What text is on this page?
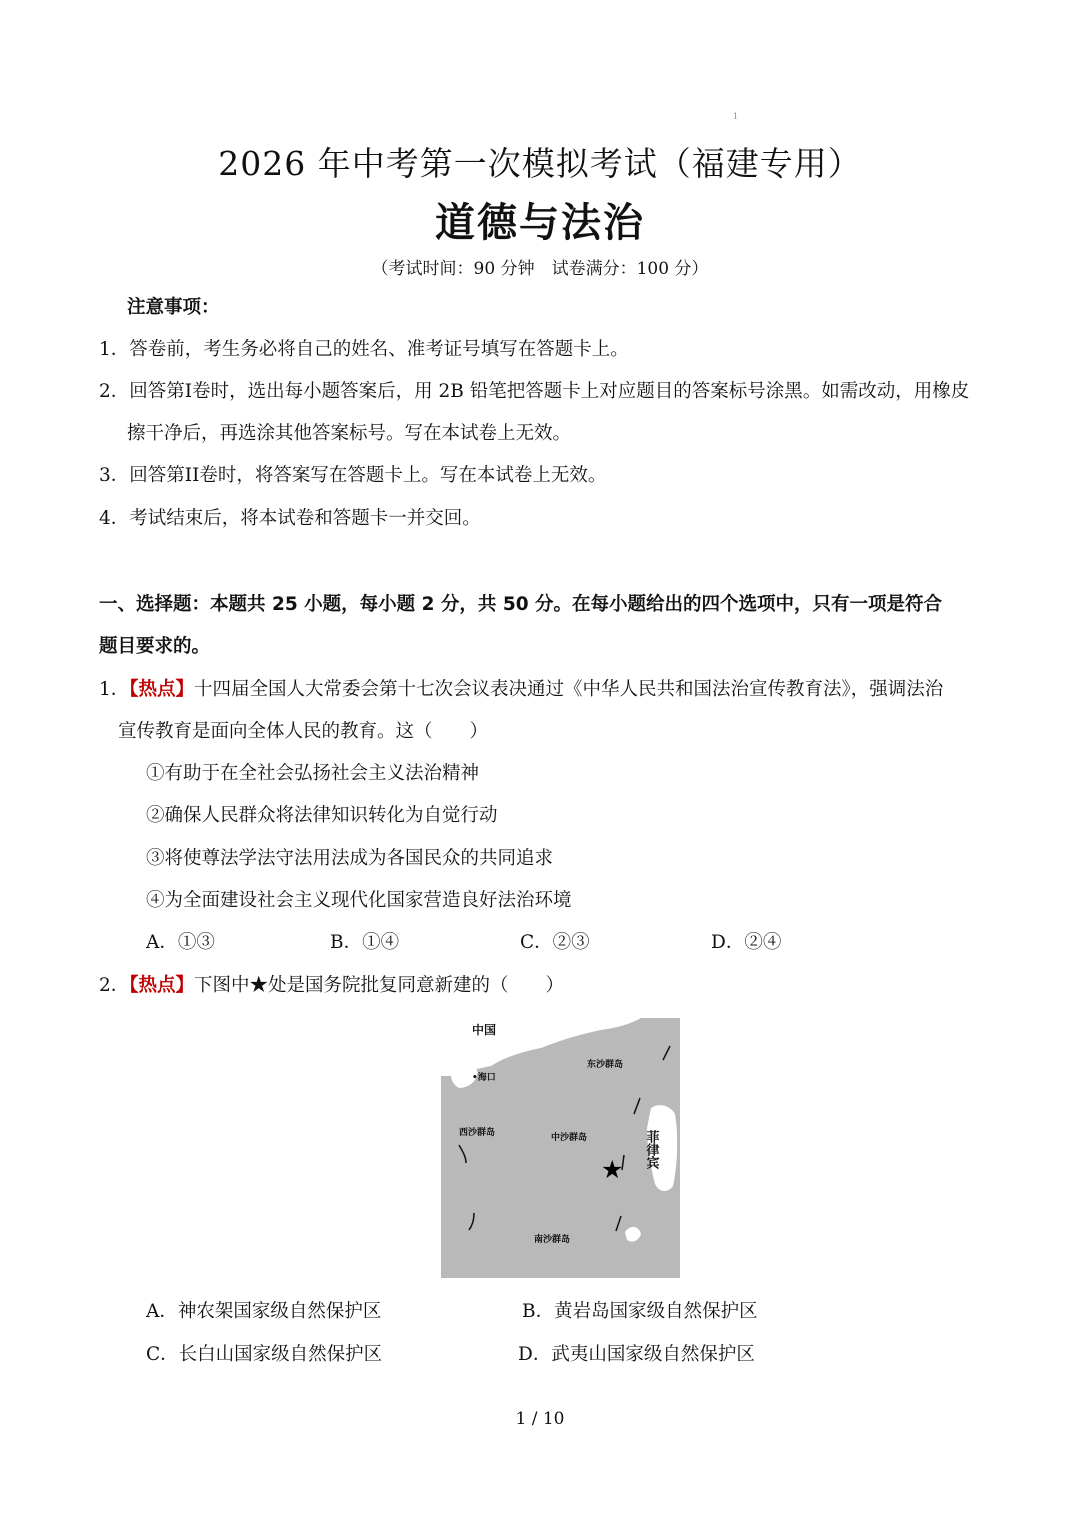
1
2026 年中考第一次模拟考试（福建专用）
道德与法治
（考试时间：90 分钟　试卷满分：100 分）
注意事项：
1．答卷前，考生务必将自己的姓名、准考证号填写在答题卡上。
2．回答第I卷时，选出每小题答案后，用 2B 铅笔把答题卡上对应题目的答案标号涂黑。如需改动，用橡皮
擦干净后，再选涂其他答案标号。写在本试卷上无效。
3．回答第II卷时，将答案写在答题卡上。写在本试卷上无效。
4．考试结束后，将本试卷和答题卡一并交回。
一、选择题：本题共 25 小题，每小题 2 分，共 50 分。在每小题给出的四个选项中，只有一项是符合
题目要求的。
1．【热点】十四届全国人大常委会第十七次会议表决通过《中华人民共和国法治宣传教育法》，强调法治
宣传教育是面向全体人民的教育。这（　　）
①有助于在全社会弘扬社会主义法治精神
②确保人民群众将法律知识转化为自觉行动
③将使尊法学法守法用法成为各国民众的共同追求
④为全面建设社会主义现代化国家营造良好法治环境
A．①③	B．①④	C．②③	D．②④
2．【热点】下图中★处是国务院批复同意新建的（　　）
中国
•海口
东沙群岛
西沙群岛	中沙群岛
南沙群岛
菲律宾
★
A．神农架国家级自然保护区	B．黄岩岛国家级自然保护区
C．长白山国家级自然保护区	D．武夷山国家级自然保护区
1 / 10
